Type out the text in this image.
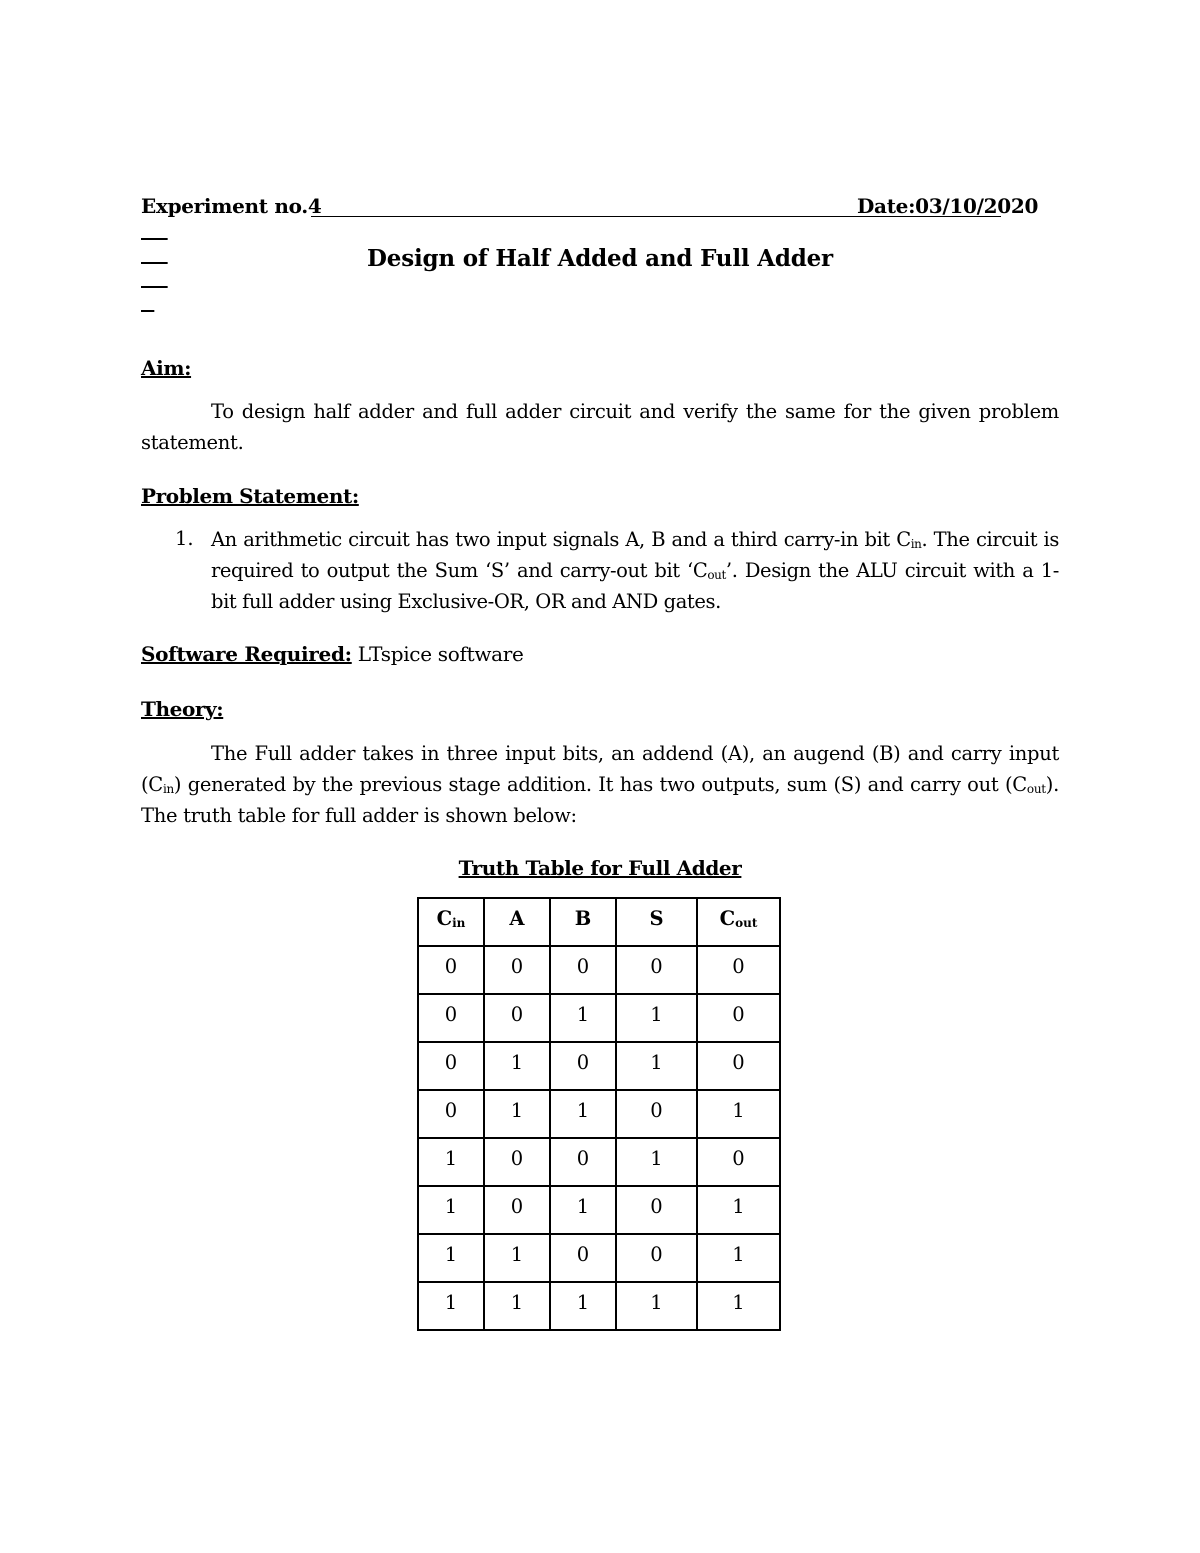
Experiment no.4

	Date:03/10/2020

Design of Half Added and Full Adder
Aim:
To design half adder and full adder circuit and verify the same for the given problem statement.
Problem Statement:
1. An arithmetic circuit has two input signals A, B and a third carry-in bit $C_{in}$. The circuit is required to output the Sum ‘S’ and carry-out bit ‘$C_{out}$’. Design the ALU circuit with a 1-bit full adder using Exclusive-OR, OR and AND gates.
Software Required: LTspice software
Theory:
The Full adder takes in three input bits, an addend (A), an augend (B) and carry input $(C_{in})$ generated by the previous stage addition. It has two outputs, sum (S) and carry out $(C_{out})$. The truth table for full adder is shown below:
Truth Table for Full Adder
$C_{in}$	A	B	S	$C_{out}$
0	0	0	0	0
0	0	1	1	0
0	1	0	1	0
0	1	1	0	1
1	0	0	1	0
1	0	1	0	1
1	1	0	0	1
1	1	1	1	1
